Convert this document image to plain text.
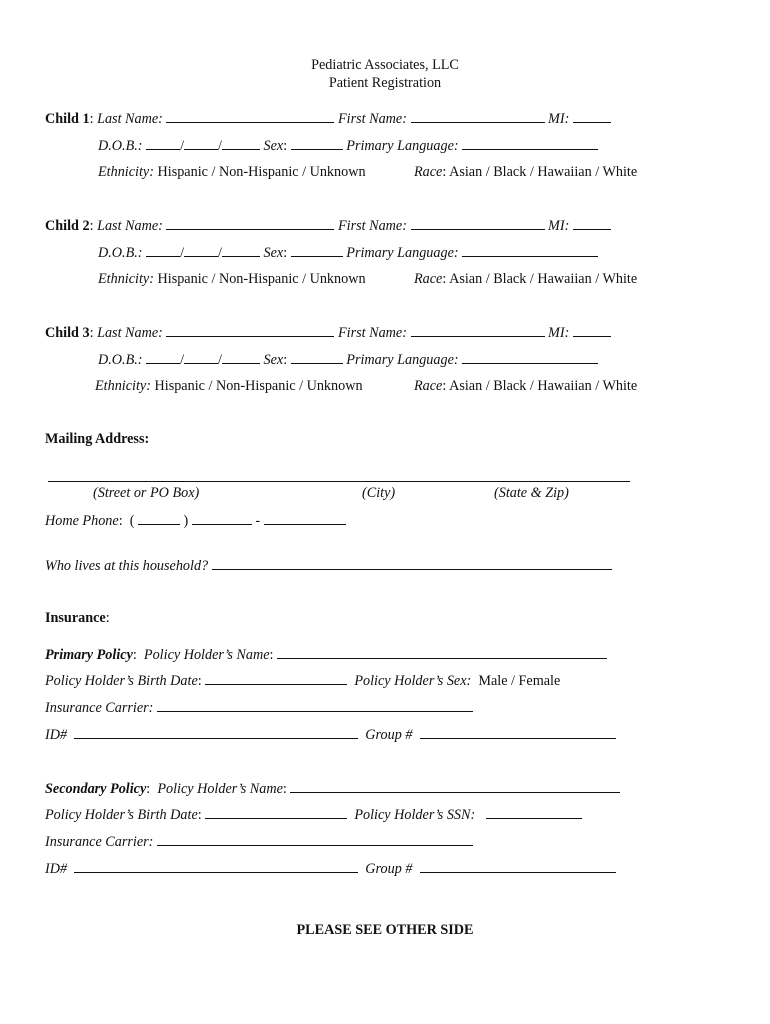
Pediatric Associates, LLC
Patient Registration
Child 1: Last Name:	First Name:	MI:
D.O.B.:	/ /	Sex:	Primary Language:
Ethnicity: Hispanic / Non-Hispanic / Unknown	Race: Asian / Black / Hawaiian / White
Child 2: Last Name:	First Name:	MI:
D.O.B.:	/ /	Sex:	Primary Language:
Ethnicity: Hispanic / Non-Hispanic / Unknown	Race: Asian / Black / Hawaiian / White
Child 3: Last Name:	First Name:	MI:
D.O.B.:	/ /	Sex:	Primary Language:
Ethnicity: Hispanic / Non-Hispanic / Unknown	Race: Asian / Black / Hawaiian / White
Mailing Address:
(Street or PO Box)	(City)	(State & Zip)
Home Phone:  (	)	-
Who lives at this household?
Insurance:
Primary Policy:  Policy Holder’s Name:
Policy Holder’s Birth Date:	Policy Holder’s Sex: Male / Female
Insurance Carrier:
ID#	Group #
Secondary Policy:  Policy Holder’s Name:
Policy Holder’s Birth Date:	Policy Holder’s SSN:
Insurance Carrier:
ID#	Group #
PLEASE SEE OTHER SIDE
